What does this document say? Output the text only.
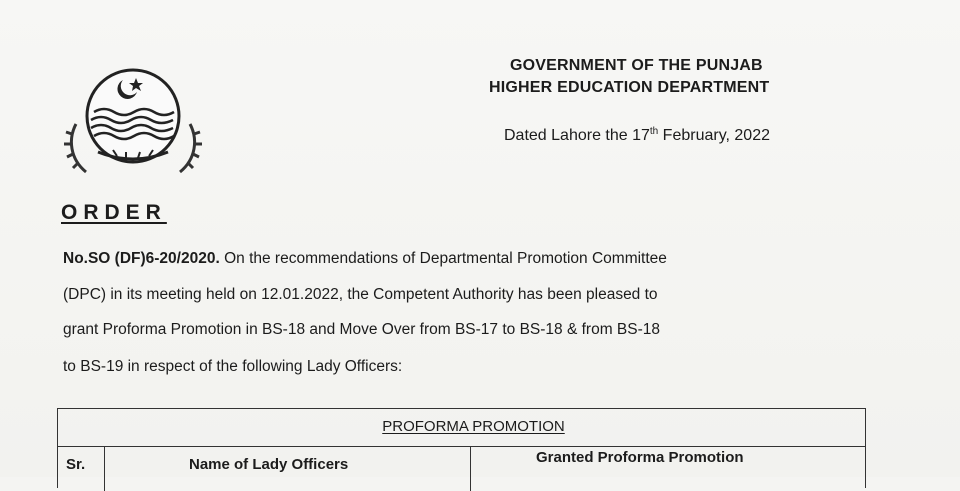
GOVERNMENT OF THE PUNJAB
HIGHER EDUCATION DEPARTMENT
Dated Lahore the 17th February, 2022
ORDER
No.SO (DF)6-20/2020. On the recommendations of Departmental Promotion Committee
(DPC) in its meeting held on 12.01.2022, the Competent Authority has been pleased to
grant Proforma Promotion in BS-18 and Move Over from BS-17 to BS-18 & from BS-18
to BS-19 in respect of the following Lady Officers:
PROFORMA PROMOTION
Sr.	Name of Lady Officers	Granted Proforma Promotion
